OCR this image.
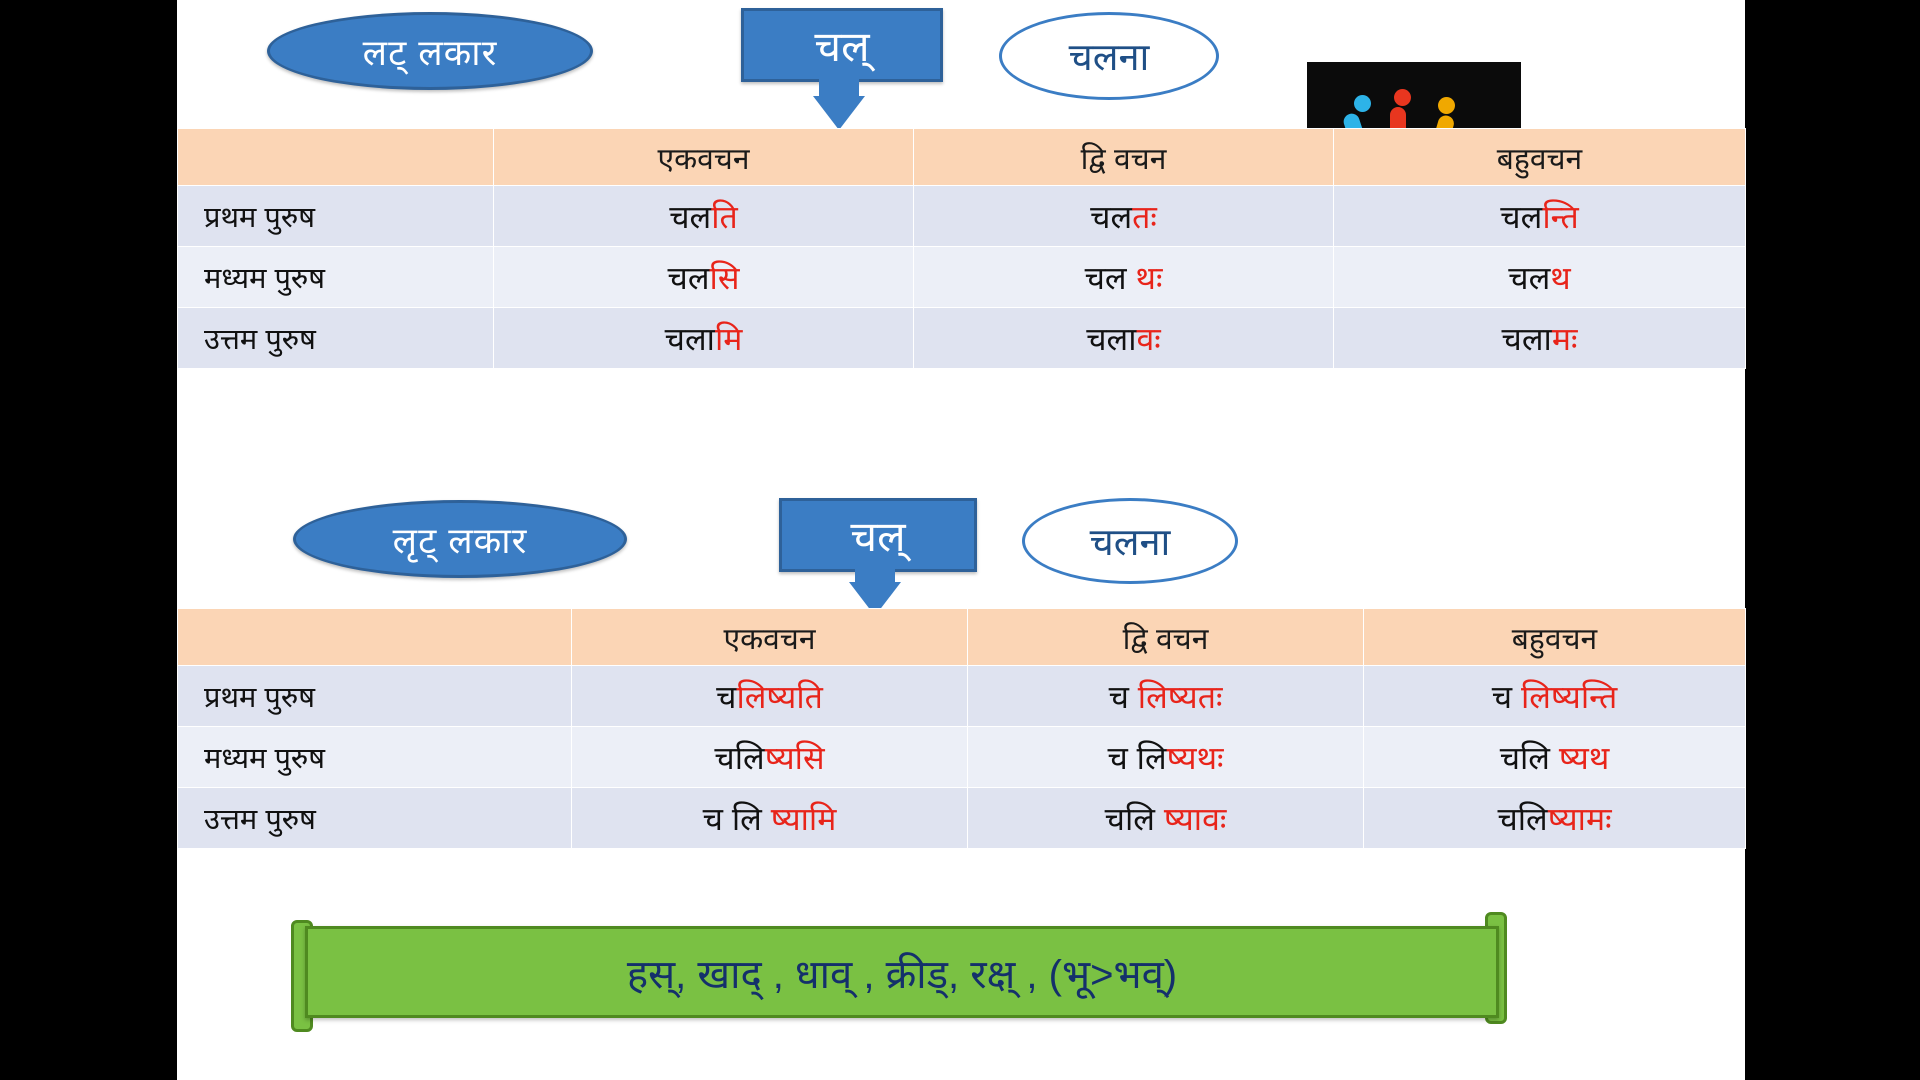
लट् लकार	चल्	चलना
	एकवचन	द्वि वचन	बहुवचन
प्रथम पुरुष	चलति	चलतः	चलन्ति
मध्यम पुरुष	चलसि	चल थः	चलथ
उत्तम पुरुष	चलामि	चलावः	चलामः
लृट् लकार	चल्	चलना
	एकवचन	द्वि वचन	बहुवचन
प्रथम पुरुष	चलिष्यति	च लिष्यतः	च लिष्यन्ति
मध्यम पुरुष	चलिष्यसि	च लिष्यथः	चलि ष्यथ
उत्तम पुरुष	च लि ष्यामि	चलि ष्यावः	चलिष्यामः
हस्, खाद् , धाव् , क्रीड्, रक्ष् , (भू>भव्)
